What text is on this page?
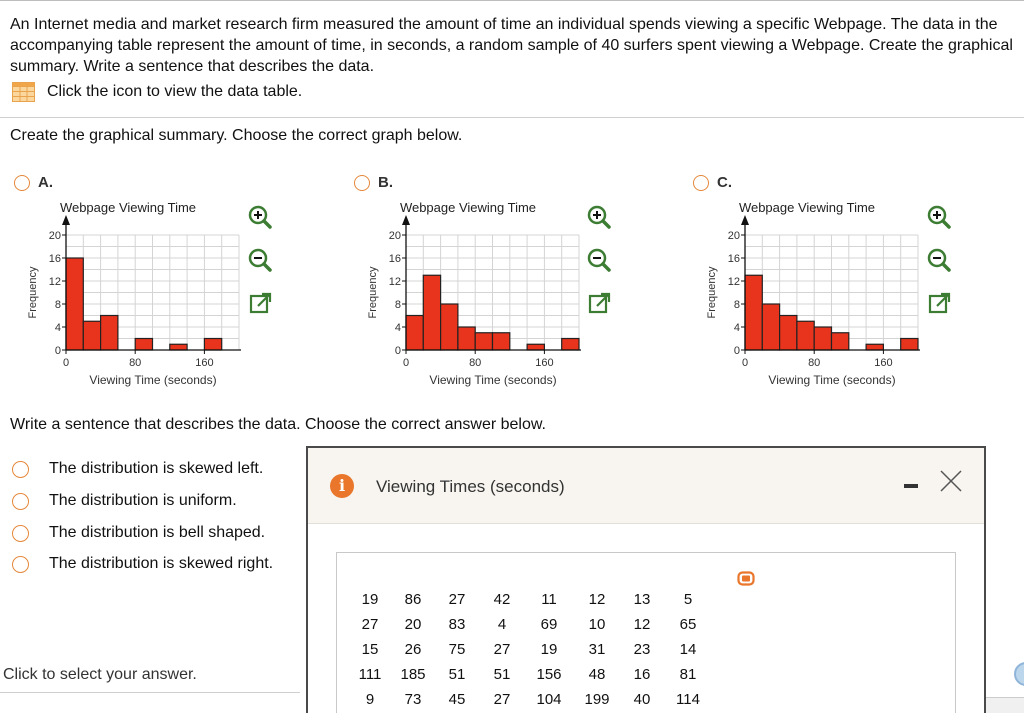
An Internet media and market research firm measured the amount of time an individual spends viewing a specific Webpage. The data in the accompanying table represent the amount of time, in seconds, a random sample of 40 surfers spent viewing a Webpage. Create the graphical summary. Write a sentence that describes the data.
Click the icon to view the data table.
Create the graphical summary. Choose the correct graph below.
A.	B.	C.
Webpage Viewing Time
0
4
8
12
16
20
0	80	160
Viewing Time (seconds)
Frequency
Webpage Viewing Time
0
4
8
12
16
20
0	80	160
Viewing Time (seconds)
Frequency
Webpage Viewing Time
0
4
8
12
16
20
0	80	160
Viewing Time (seconds)
Frequency
Write a sentence that describes the data. Choose the correct answer below.
The distribution is skewed left.
The distribution is uniform.
The distribution is bell shaped.
The distribution is skewed right.
Click to select your answer.
i	Viewing Times (seconds)
19	86	27	42	11	12	13	5
27	20	83	4	69	10	12	65
15	26	75	27	19	31	23	14
111	185	51	51	156	48	16	81
9	73	45	27	104	199	40	114
